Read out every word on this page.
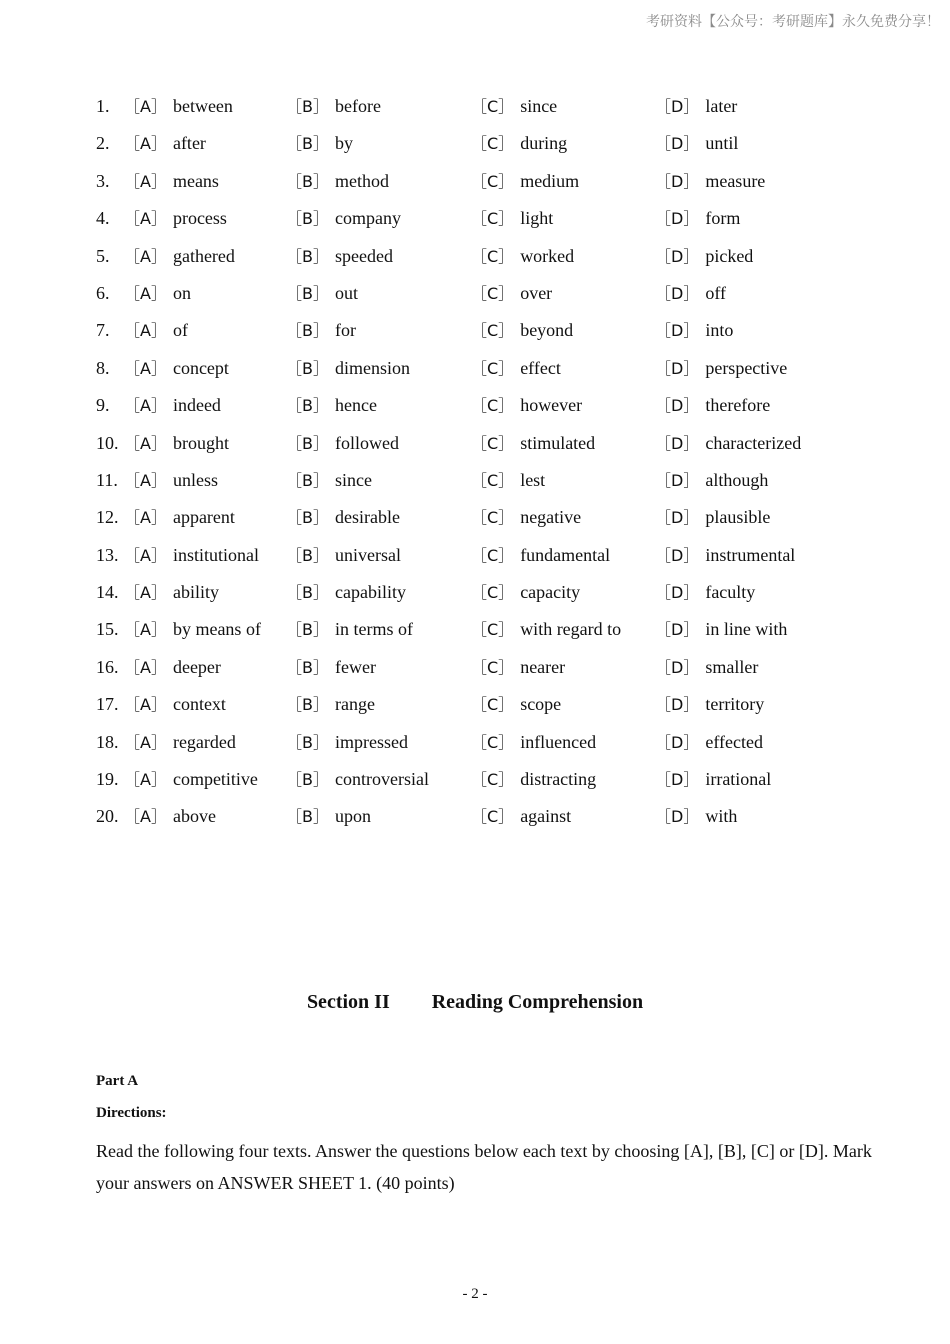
考研资料【公众号：考研题库】永久免费分享！
1. ［A］ between	［B］ before	［C］ since	［D］ later
2. ［A］ after	［B］ by	［C］ during	［D］ until
3. ［A］ means	［B］ method	［C］ medium	［D］ measure
4. ［A］ process	［B］ company	［C］ light	［D］ form
5. ［A］ gathered	［B］ speeded	［C］ worked	［D］ picked
6. ［A］ on	［B］ out	［C］ over	［D］ off
7. ［A］ of	［B］ for	［C］ beyond	［D］ into
8. ［A］ concept	［B］ dimension	［C］ effect	［D］ perspective
9. ［A］ indeed	［B］ hence	［C］ however	［D］ therefore
10. ［A］ brought	［B］ followed	［C］ stimulated	［D］ characterized
11. ［A］ unless	［B］ since	［C］ lest	［D］ although
12. ［A］ apparent	［B］ desirable	［C］ negative	［D］ plausible
13. ［A］ institutional ［B］ universal	［C］ fundamental	［D］ instrumental
14. ［A］ ability	［B］ capability	［C］ capacity	［D］ faculty
15. ［A］ by means of ［B］ in terms of	［C］ with regard to ［D］ in line with
16. ［A］ deeper	［B］ fewer	［C］ nearer	［D］ smaller
17. ［A］ context	［B］ range	［C］ scope	［D］ territory
18. ［A］ regarded	［B］ impressed	［C］ influenced	［D］ effected
19. ［A］ competitive ［B］ controversial	［C］ distracting	［D］ irrational
20. ［A］ above	［B］ upon	［C］ against	［D］ with
Section II Reading Comprehension
Part A
Directions:
Read the following four texts. Answer the questions below each text by choosing [A], [B], [C] or [D]. Mark your answers on ANSWER SHEET 1. (40 points)
- 2 -
